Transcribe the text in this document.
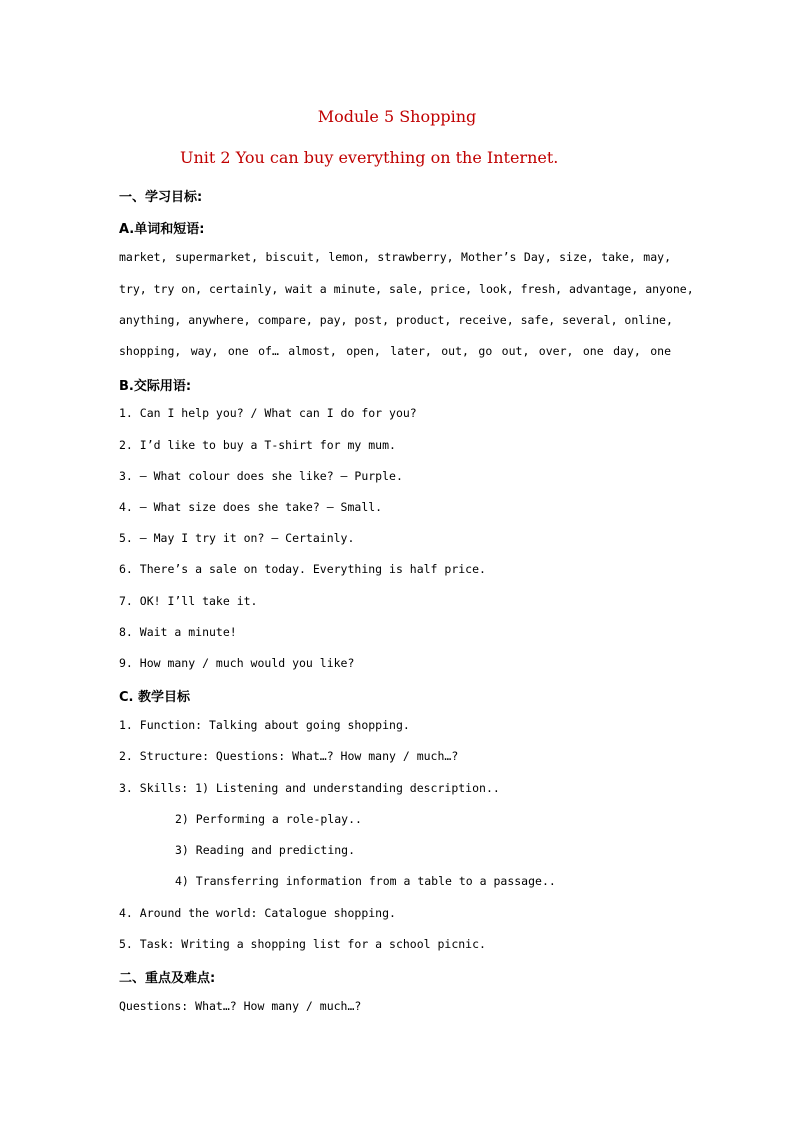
Module 5 Shopping
Unit 2 You can buy everything on the Internet.
一、学习目标:
A.单词和短语:
market, supermarket, biscuit, lemon, strawberry, Mother’s Day, size, take, may,
try, try on, certainly, wait a minute, sale, price, look, fresh, advantage, anyone,
anything, anywhere, compare, pay, post, product, receive, safe, several, online,
shopping, way, one of… almost, open, later, out, go out, over, one day, one
B.交际用语:
1. Can I help you? / What can I do for you?
2. I’d like to buy a T-shirt for my mum.
3. — What colour does she like? — Purple.
4. — What size does she take? — Small.
5. — May I try it on? — Certainly.
6. There’s a sale on today. Everything is half price.
7. OK! I’ll take it.
8. Wait a minute!
9. How many / much would you like?
C. 教学目标
1. Function: Talking about going shopping.
2. Structure: Questions: What…? How many / much…?
3. Skills: 1) Listening and understanding description..
2) Performing a role-play..
3) Reading and predicting.
4) Transferring information from a table to a passage..
4. Around the world: Catalogue shopping.
5. Task: Writing a shopping list for a school picnic.
二、重点及难点:
Questions: What…? How many / much…?
